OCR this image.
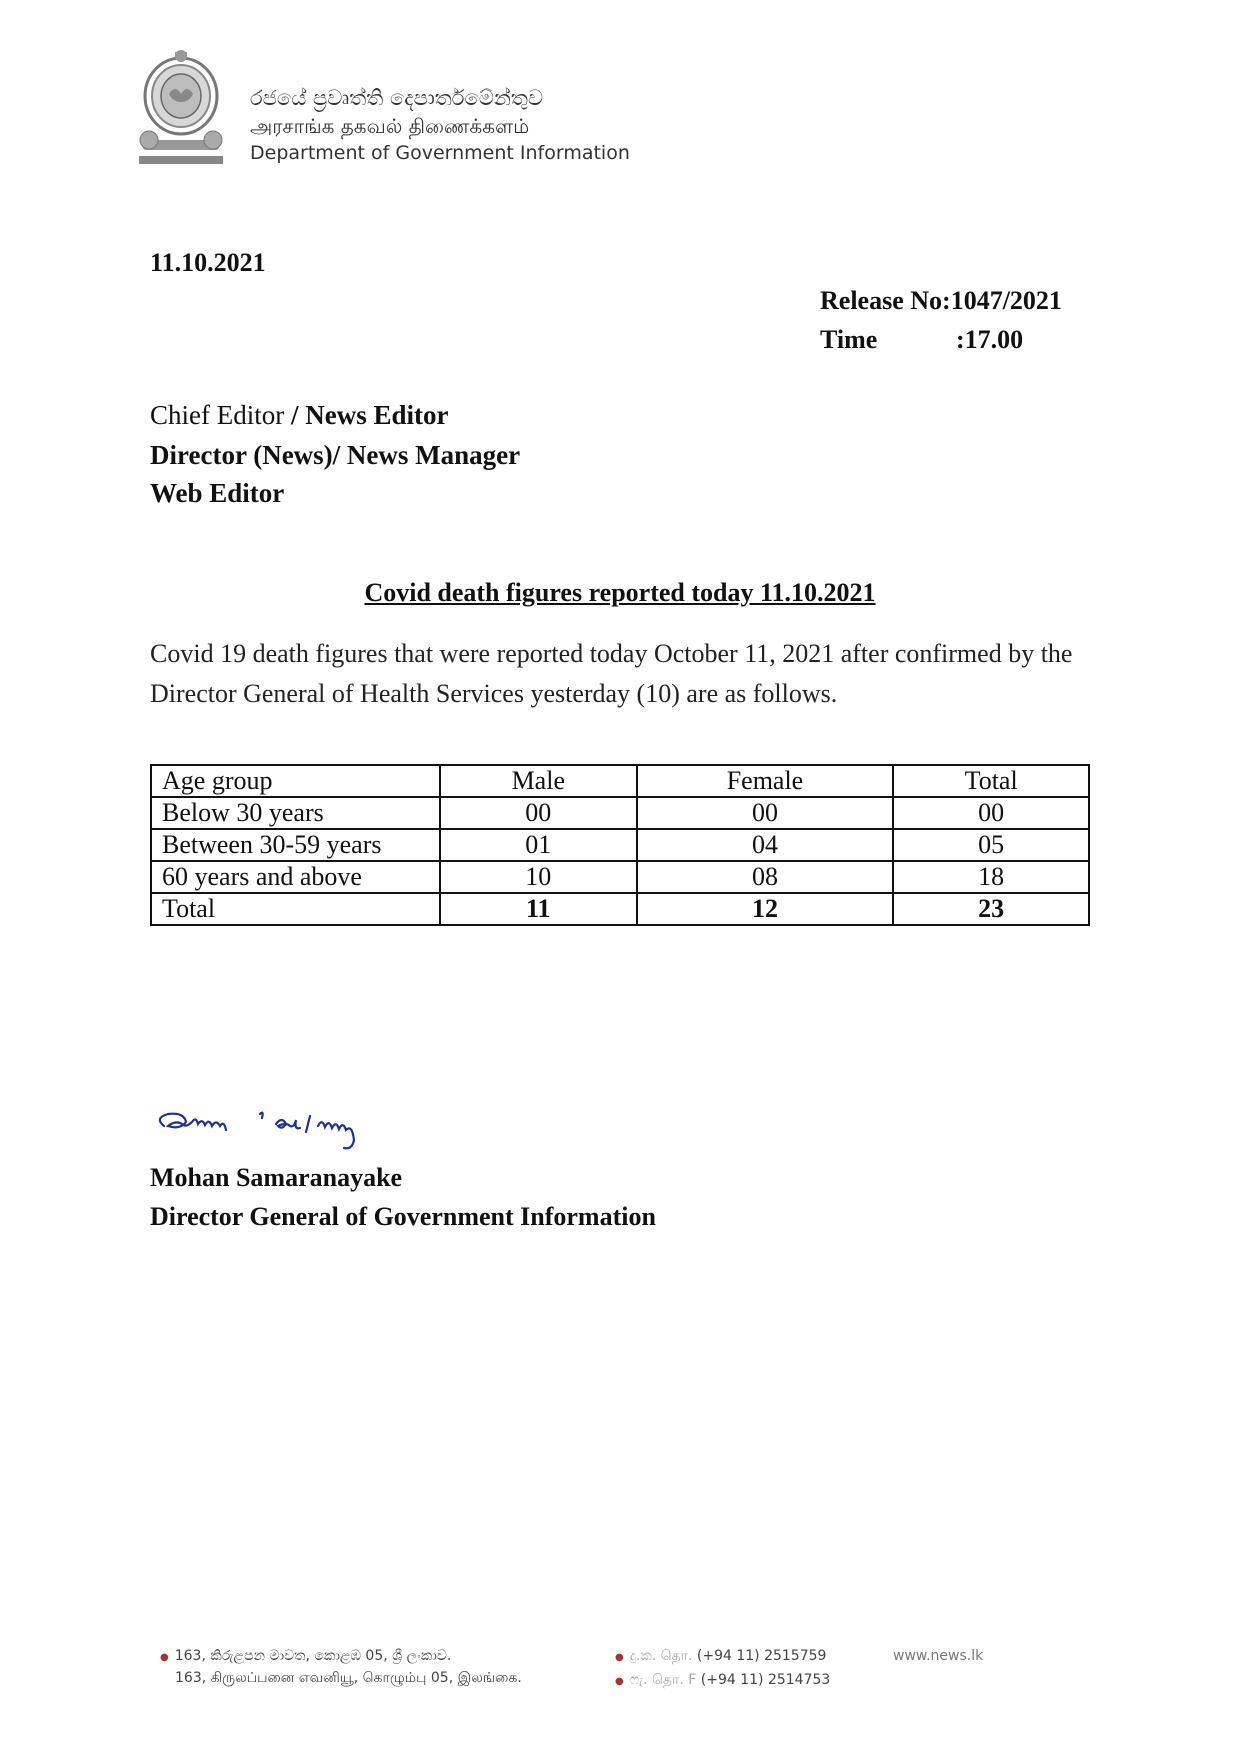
රජයේ ප්‍රවෘත්ති දෙපාර්තමේන්තුව
அரசாங்க தகவல் திணைக்களம்
Department of Government Information
11.10.2021
Release No:1047/2021
Time	:17.00
Chief Editor / News Editor
Director (News)/ News Manager
Web Editor
Covid death figures reported today 11.10.2021
Covid 19 death figures that were reported today October 11, 2021 after confirmed by the Director General of Health Services yesterday (10) are as follows.
Age group	Male	Female	Total
Below 30 years	00	00	00
Between 30-59 years	01	04	05
60 years and above	10	08	18
Total	11	12	23
Mohan Samaranayake
Director General of Government Information
● 163, කිරුළපන මාවත, කොළඹ 05, ශ්‍රී ලංකාව.
163, கிருலப்பனை எவனியூ, கொழும்பு 05, இலங்கை.
● දු.ක. தொ. (+94 11) 2515759
● ෆැ. தொ. F (+94 11) 2514753
www.news.lk
